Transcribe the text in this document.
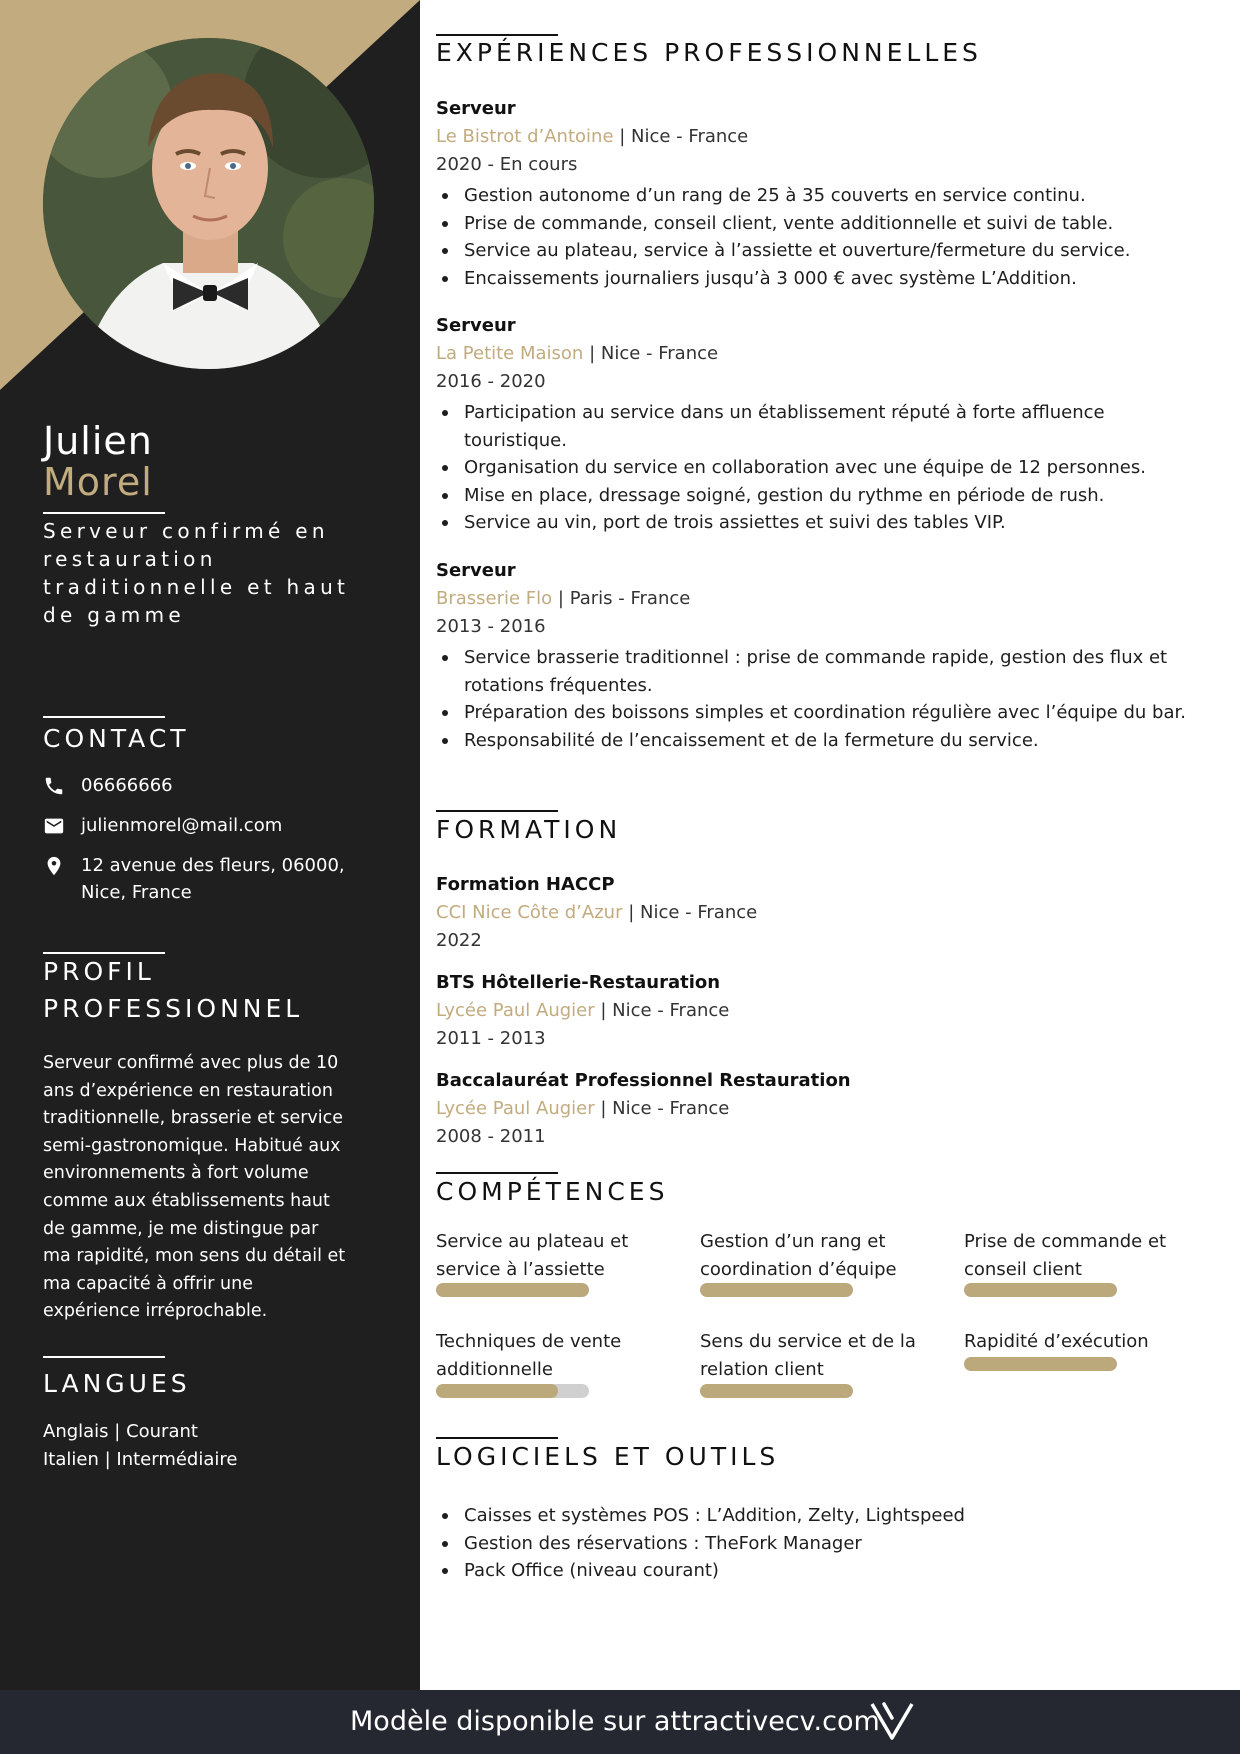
Julien
Morel
Serveur confirmé en restauration traditionnelle et haut de gamme
CONTACT
06666666
julienmorel@mail.com
12 avenue des fleurs, 06000,
Nice, France
PROFIL
PROFESSIONNEL
Serveur confirmé avec plus de 10
ans d’expérience en restauration
traditionnelle, brasserie et service
semi-gastronomique. Habitué aux
environnements à fort volume
comme aux établissements haut
de gamme, je me distingue par
ma rapidité, mon sens du détail et
ma capacité à offrir une
expérience irréprochable.
LANGUES
Anglais | Courant
Italien | Intermédiaire
EXPÉRIENCES PROFESSIONNELLES
Serveur
Le Bistrot d’Antoine | Nice - France
2020 - En cours
Gestion autonome d’un rang de 25 à 35 couverts en service continu.
Prise de commande, conseil client, vente additionnelle et suivi de table.
Service au plateau, service à l’assiette et ouverture/fermeture du service.
Encaissements journaliers jusqu’à 3 000 € avec système L’Addition.
Serveur
La Petite Maison | Nice - France
2016 - 2020
Participation au service dans un établissement réputé à forte affluence touristique.
Organisation du service en collaboration avec une équipe de 12 personnes.
Mise en place, dressage soigné, gestion du rythme en période de rush.
Service au vin, port de trois assiettes et suivi des tables VIP.
Serveur
Brasserie Flo | Paris - France
2013 - 2016
Service brasserie traditionnel : prise de commande rapide, gestion des flux et rotations fréquentes.
Préparation des boissons simples et coordination régulière avec l’équipe du bar.
Responsabilité de l’encaissement et de la fermeture du service.
FORMATION
Formation HACCP
CCI Nice Côte d’Azur | Nice - France
2022
BTS Hôtellerie-Restauration
Lycée Paul Augier | Nice - France
2011 - 2013
Baccalauréat Professionnel Restauration
Lycée Paul Augier | Nice - France
2008 - 2011
COMPÉTENCES
Service au plateau et
service à l’assiette
Gestion d’un rang et
coordination d’équipe
Prise de commande et
conseil client
Techniques de vente
additionnelle
Sens du service et de la
relation client
Rapidité d’exécution
LOGICIELS ET OUTILS
Caisses et systèmes POS : L’Addition, Zelty, Lightspeed
Gestion des réservations : TheFork Manager
Pack Office (niveau courant)
Modèle disponible sur attractivecv.com
